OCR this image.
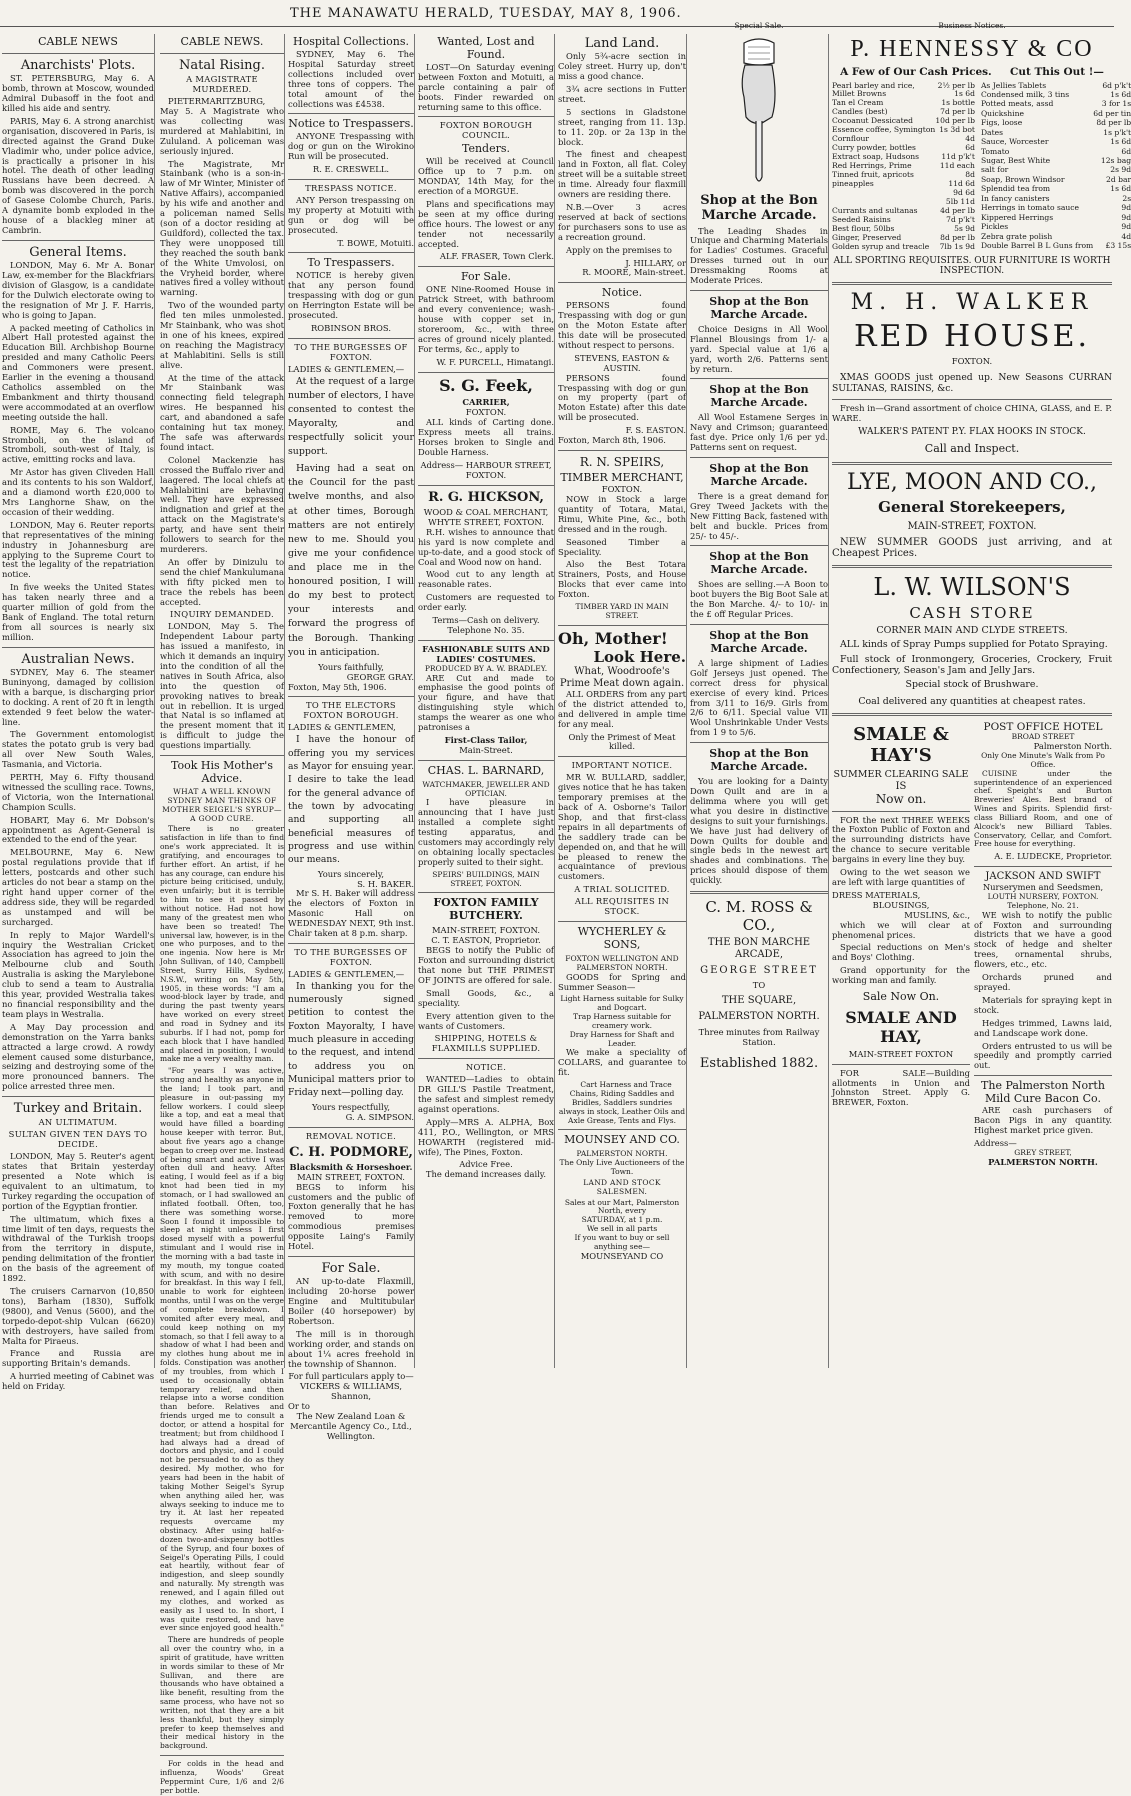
THE MANAWATU HERALD, TUESDAY, MAY 8, 1906.
CABLE NEWS
Anarchists' Plots.

ST. PETERSBURG, May 6. A bomb, thrown at Moscow, wounded Admiral Dubasoff in the foot and killed his aide and sentry.

PARIS, May 6. A strong anarchist organisation, discovered in Paris, is directed against the Grand Duke Vladimir who, under police advice, is practically a prisoner in his hotel. The death of other leading Russians have been decreed. A bomb was discovered in the porch of Gasese Colombe Church, Paris. A dynamite bomb exploded in the house of a blackleg miner at Cambrin.

General Items.

LONDON, May 6. Mr A. Bonar Law, ex-member for the Blackfriars division of Glasgow, is a candidate for the Dulwich electorate owing to the resignation of Mr J. F. Harris, who is going to Japan.

A packed meeting of Catholics in Albert Hall protested against the Education Bill. Archbishop Bourne presided and many Catholic Peers and Commoners were present. Earlier in the evening a thousand Catholics assembled on the Embankment and thirty thousand were accommodated at an overflow meeting outside the hall.

ROME, May 6. The volcano Stromboli, on the island of Stromboli, south-west of Italy, is active, emitting rocks and lava.

Mr Astor has given Cliveden Hall and its contents to his son Waldorf, and a diamond worth £20,000 to Mrs Langhorne Shaw, on the occasion of their wedding.

LONDON, May 6. Reuter reports that representatives of the mining industry in Johannesburg are applying to the Supreme Court to test the legality of the repatriation notice.

In five weeks the United States has taken nearly three and a quarter million of gold from the Bank of England. The total return from all sources is nearly six million.

Australian News.

SYDNEY, May 6. The steamer Buninyong, damaged by collision with a barque, is discharging prior to docking. A rent of 20 ft in length extended 9 feet below the water-line.

The Government entomologist states the potato grub is very bad all over New South Wales, Tasmania, and Victoria.

PERTH, May 6. Fifty thousand witnessed the sculling race. Towns, of Victoria, won the International Champion Sculls.

HOBART, May 6. Mr Dobson's appointment as Agent-General is extended to the end of the year.

MELBOURNE, May 6. New postal regulations provide that if letters, postcards and other such articles do not bear a stamp on the right hand upper corner of the address side, they will be regarded as unstamped and will be surcharged.

In reply to Major Wardell's inquiry the Westralian Cricket Association has agreed to join the Melbourne club and South Australia is asking the Marylebone club to send a team to Australia this year, provided Westralia takes no financial responsibility and the team plays in Westralia.

A May Day procession and demonstration on the Yarra banks attracted a large crowd. A rowdy element caused some disturbance, seizing and destroying some of the more pronounced banners. The police arrested three men.

Turkey and Britain.
AN ULTIMATUM.
SULTAN GIVEN TEN DAYS TO DECIDE.

LONDON, May 5. Reuter's agent states that Britain yesterday presented a Note which is equivalent to an ultimatum, to Turkey regarding the occupation of portion of the Egyptian frontier.

The ultimatum, which fixes a time limit of ten days, requests the withdrawal of the Turkish troops from the territory in dispute, pending delimitation of the frontier on the basis of the agreement of 1892.

The cruisers Carnarvon (10,850 tons), Barham (1830), Suffolk (9800), and Venus (5600), and the torpedo-depot-ship Vulcan (6620) with destroyers, have sailed from Malta for Piraeus.

France and Russia are supporting Britain's demands.

A hurried meeting of Cabinet was held on Friday.

CABLE NEWS.
Natal Rising.
A MAGISTRATE MURDERED.

PIETERMARITZBURG, May 5. A Magistrate who was collecting was murdered at Mahlabitini, in Zululand. A policeman was seriously injured.

The Magistrate, Mr Stainbank (who is a son-in-law of Mr Winter, Minister of Native Affairs), accompanied by his wife and another and a policeman named Sells (son of a doctor residing at Guildford), collected the tax. They were unopposed till they reached the south bank of the White Umvolosi, on the Vryheid border, where natives fired a volley without warning.

Two of the wounded party fled ten miles unmolested. Mr Stainbank, who was shot in one of his knees, expired on reaching the Magistracy at Mahlabitini. Sells is still alive.

At the time of the attack Mr Stainbank was connecting field telegraph wires. He bespanned his cart, and abandoned a safe containing hut tax money. The safe was afterwards found intact.

Colonel Mackenzie has crossed the Buffalo river and laagered. The local chiefs at Mahlabitini are behaving well. They have expressed indignation and grief at the attack on the Magistrate's party, and have sent their followers to search for the murderers.

An offer by Dinizulu to send the chief Mankulumana with fifty picked men to trace the rebels has been accepted.

INQUIRY DEMANDED.

LONDON, May 5. The Independent Labour party has issued a manifesto, in which it demands an inquiry into the condition of all the natives in South Africa, also into the question of provoking natives to break out in rebellion. It is urged that Natal is so inflamed at the present moment that it is difficult to judge the questions impartially.

Took His Mother's Advice.
WHAT A WELL KNOWN SYDNEY MAN THINKS OF MOTHER SEIGEL'S SYRUP—A GOOD CURE.

There is no greater satisfaction in life than to find one's work appreciated. It is gratifying, and encourages to further effort. An artist, if he has any courage, can endure his picture being criticised, unduly, even unfairly; but it is terrible to him to see it passed by without notice. Had not how many of the greatest men who have been so treated! The universal law, however, is in the one who purposes, and to the one ingenia. Now here is Mr John Sullivan, of 140, Campbell Street, Surry Hills, Sydney, N.S.W., writing on May 5th, 1905, in these words: "I am a wood-block layer by trade, and during the past twenty years have worked on every street and road in Sydney and its suburbs. If I had not, pomp for each block that I have handled and placed in position, I would make me a very wealthy man.

"For years I was active, strong and healthy as anyone in the land; I took part, and pleasure in out-passing my fellow workers. I could sleep like a top, and eat a meal that would have filled a boarding house keeper with terror. But, about five years ago a change began to creep over me. Instead of being smart and active I was often dull and heavy. After eating, I would feel as if a big knot had been tied in my stomach, or I had swallowed an inflated football. Often, too, there was something worse. Soon I found it impossible to sleep at night unless I first dosed myself with a powerful stimulant and I would rise in the morning with a bad taste in my mouth, my tongue coated with scum, and with no desire for breakfast. In this way I fell, unable to work for eighteen months, until I was on the verge of complete breakdown. I vomited after every meal, and could keep nothing on my stomach, so that I fell away to a shadow of what I had been and my clothes hung about me in folds. Constipation was another of my troubles, from which I used to occasionally obtain temporary relief, and then relapse into a worse condition than before. Relatives and friends urged me to consult a doctor, or attend a hospital for treatment; but from childhood I had always had a dread of doctors and physic, and I could not be persuaded to do as they desired. My mother, who for years had been in the habit of taking Mother Seigel's Syrup when anything ailed her, was always seeking to induce me to try it. At last her repeated requests overcame my obstinacy. After using half-a-dozen two-and-sixpenny bottles of the Syrup, and four boxes of Seigel's Operating Pills, I could eat heartily, without fear of indigestion, and sleep soundly and naturally. My strength was renewed, and I again filled out my clothes, and worked as easily as I used to. In short, I was quite restored, and have ever since enjoyed good health."

There are hundreds of people all over the country who, in a spirit of gratitude, have written in words similar to these of Mr Sullivan, and there are thousands who have obtained a like benefit, resulting from the same process, who have not so written, not that they are a bit less thankful, but they simply prefer to keep themselves and their medical history in the background.

For colds in the head and influenza, Woods' Great Peppermint Cure, 1/6 and 2/6 per bottle.

Hospital Collections.

SYDNEY, May 6. The Hospital Saturday street collections included over three tons of coppers. The total amount of the collections was £4538.

Notice to Trespassers.

ANYONE Trespassing with dog or gun on the Wirokino Run will be prosecuted.

R. E. CRESWELL.
TRESPASS NOTICE.

ANY Person trespassing on my property at Motuiti with gun or dog will be prosecuted.

T. BOWE, Motuiti.
To Trespassers.

NOTICE is hereby given that any person found trespassing with dog or gun on Herrington Estate will be prosecuted.

ROBINSON BROS.
TO THE BURGESSES OF FOXTON.
LADIES & GENTLEMEN,—

At the request of a large number of electors, I have consented to contest the Mayoralty, and respectfully solicit your support.

Having had a seat on the Council for the past twelve months, and also at other times, Borough matters are not entirely new to me. Should you give me your confidence and place me in the honoured position, I will do my best to protect your interests and forward the progress of the Borough. Thanking you in anticipation.

Yours faithfully,
GEORGE GRAY.
Foxton, May 5th, 1906.
TO THE ELECTORS FOXTON BOROUGH.
LADIES & GENTLEMEN,

I have the honour of offering you my services as Mayor for ensuing year. I desire to take the lead for the general advance of the town by advocating and supporting all beneficial measures of progress and use within our means.

Yours sincerely,
S. H. BAKER.

Mr S. H. Baker will address the electors of Foxton in Masonic Hall on WEDNESDAY NEXT, 9th inst. Chair taken at 8 p.m. sharp.

TO THE BURGESSES OF FOXTON.
LADIES & GENTLEMEN,—

In thanking you for the numerously signed petition to contest the Foxton Mayoralty, I have much pleasure in acceding to the request, and intend to address you on Municipal matters prior to Friday next—polling day.

Yours respectfully,
G. A. SIMPSON.
REMOVAL NOTICE.
C. H. PODMORE,
Blacksmith & Horseshoer.
MAIN STREET, FOXTON.

BEGS to inform his customers and the public of Foxton generally that he has removed to more commodious premises opposite Laing's Family Hotel.

For Sale.

AN up-to-date Flaxmill, including 20-horse power Engine and Multitubular Boiler (40 horsepower) by Robertson.

The mill is in thorough working order, and stands on about 1¼ acres freehold in the township of Shannon.

For full particulars apply to—
VICKERS & WILLIAMS, Shannon,
Or to
The New Zealand Loan & Mercantile Agency Co., Ltd., Wellington.
Wanted, Lost and Found.

LOST—On Saturday evening between Foxton and Motuiti, a parcle containing a pair of boots. Finder rewarded on returning same to this office.

FOXTON BOROUGH COUNCIL.
Tenders.

Will be received at Council Office up to 7 p.m. on MONDAY, 14th May, for the erection of a MORGUE.

Plans and specifications may be seen at my office during office hours. The lowest or any tender not necessarily accepted.

ALF. FRASER, Town Clerk.
For Sale.

ONE Nine-Roomed House in Patrick Street, with bathroom and every convenience; wash-house with copper set in, storeroom, &c., with three acres of ground nicely planted. For terms, &c., apply to

W. F. PURCELL, Himatangi.
S. G. Feek,
CARRIER,
FOXTON.

ALL kinds of Carting done. Express meets all trains. Horses broken to Single and Double Harness.

Address— HARBOUR STREET, FOXTON.
R. G. HICKSON,
WOOD & COAL MERCHANT,
WHYTE STREET, FOXTON.

R.H. wishes to announce that his yard is now complete and up-to-date, and a good stock of Coal and Wood now on hand.

Wood cut to any length at reasonable rates.

Customers are requested to order early.

Terms—Cash on delivery.
Telephone No. 35.
FASHIONABLE SUITS AND LADIES' COSTUMES.
PRODUCED BY A. W. BRADLEY.

ARE Cut and made to emphasise the good points of your figure, and have that distinguishing style which stamps the wearer as one who patronises a

First-Class Tailor,
Main-Street.
CHAS. L. BARNARD,
WATCHMAKER, JEWELLER AND OPTICIAN.

I have pleasure in announcing that I have just installed a complete sight testing apparatus, and customers may accordingly rely on obtaining locally spectacles properly suited to their sight.

SPEIRS' BUILDINGS, MAIN STREET, FOXTON.
FOXTON FAMILY BUTCHERY.
MAIN-STREET, FOXTON.
C. T. EASTON, Proprietor.

BEGS to notify the Public of Foxton and surrounding district that none but THE PRIMEST OF JOINTS are offered for sale.

Small Goods, &c., a speciality.

Every attention given to the wants of Customers.

SHIPPING, HOTELS & FLAXMILLS SUPPLIED.
NOTICE.

WANTED—Ladies to obtain DR GILL'S Pastile Treatment, the safest and simplest remedy against operations.

Apply—MRS A. ALPHA, Box 411, P.O., Wellington, or MRS HOWARTH (registered mid-wife), The Pines, Foxton.

Advice Free.
The demand increases daily.
Land Land.

Only 5¾-acre section in Coley street. Hurry up, don't miss a good chance.

3¾ acre sections in Futter street.

5 sections in Gladstone street, ranging from 11. 13p. to 11. 20p. or 2a 13p in the block.

The finest and cheapest land in Foxton, all flat. Coley street will be a suitable street in time. Already four flaxmill owners are residing there.

N.B.—Over 3 acres reserved at back of sections for purchasers sons to use as a recreation ground.

Apply on the premises to

J. HILLARY, or
R. MOORE, Main-street.
Notice.

PERSONS found Trespassing with dog or gun on the Moton Estate after this date will be prosecuted without respect to persons.

STEVENS, EASTON & AUSTIN.

PERSONS found Trespassing with dog or gun on my property (part of Moton Estate) after this date will be prosecuted.

F. S. EASTON.
Foxton, March 8th, 1906.
R. N. SPEIRS,
TIMBER MERCHANT,
FOXTON.

NOW in Stock a large quantity of Totara, Matai, Rimu, White Pine, &c., both dressed and in the rough.

Seasoned Timber a Speciality.

Also the Best Totara Strainers, Posts, and House Blocks that ever came into Foxton.

TIMBER YARD IN MAIN STREET.
Oh, Mother!
Look Here.
What, Woodroofe's Prime Meat down again.

ALL ORDERS from any part of the district attended to, and delivered in ample time for any meal.

Only the Primest of Meat killed.
IMPORTANT NOTICE.

MR W. BULLARD, saddler, gives notice that he has taken temporary premises at the back of A. Osborne's Tailor Shop, and that first-class repairs in all departments of the saddlery trade can be depended on, and that he will be pleased to renew the acquaintance of previous customers.

A TRIAL SOLICITED.
ALL REQUISITES IN STOCK.
WYCHERLEY & SONS,
FOXTON WELLINGTON AND PALMERSTON NORTH.

GOODS for Spring and Summer Season—

Light Harness suitable for Sulky and Dogcart.
Trap Harness suitable for creamery work.
Dray Harness for Shaft and Leader.

We make a speciality of COLLARS, and guarantee to fit.

Cart Harness and Trace Chains, Riding Saddles and Bridles, Saddlers sundries always in stock, Leather Oils and Axle Grease, Tents and Flys.

MOUNSEY AND CO.
PALMERSTON NORTH.
The Only Live Auctioneers of the Town.
LAND AND STOCK SALESMEN.
Sales at our Mart, Palmerston North, every
SATURDAY, at 1 p.m.
We sell in all parts
If you want to buy or sell anything see—
MOUNSEYAND CO
Special Sale.
Shop at the Bon Marche Arcade.

The Leading Shades in Unique and Charming Materials for Ladies' Costumes. Graceful Dresses turned out in our Dressmaking Rooms at Moderate Prices.

Shop at the Bon Marche Arcade.

Choice Designs in All Wool Flannel Blousings from 1/- a yard. Special value at 1/6 a yard, worth 2/6. Patterns sent by return.

Shop at the Bon Marche Arcade.

All Wool Estamene Serges in Navy and Crimson; guaranteed fast dye. Price only 1/6 per yd. Patterns sent on request.

Shop at the Bon Marche Arcade.

There is a great demand for Grey Tweed Jackets with the New Fitting Back, fastened with belt and buckle. Prices from 25/- to 45/-.

Shop at the Bon Marche Arcade.

Shoes are selling.—A Boon to boot buyers the Big Boot Sale at the Bon Marche. 4/- to 10/- in the £ off Regular Prices.

Shop at the Bon Marche Arcade.

A large shipment of Ladies Golf Jerseys just opened. The correct dress for physical exercise of every kind. Prices from 3/11 to 16/9. Girls from 2/6 to 6/11. Special value VII Wool Unshrinkable Under Vests from 1 9 to 5/6.

Shop at the Bon Marche Arcade.

You are looking for a Dainty Down Quilt and are in a delimma where you will get what you desire in distinctive designs to suit your furnishings. We have just had delivery of Down Quilts for double and single beds in the newest art shades and combinations. The prices should dispose of them quickly.

C. M. ROSS & CO.,
THE BON MARCHE ARCADE,
GEORGE STREET
TO
THE SQUARE,
PALMERSTON NORTH.
Three minutes from Railway Station.
Established 1882.
Business Notices.
P. HENNESSY & CO
A Few of Our Cash Prices. Cut This Out !—
Pearl barley and rice,	2½ per lb
Millet Browns	1s 6d
Tan el Cream	1s bottle
Candles (best)	7d per lb
Cocoanut Dessicated	10d per lb
Essence coffee, Symington	1s 3d bot
Cornflour	4d
Curry powder, bottles	6d
Extract soap, Hudsons	11d p'k't
Red Herrings, Prime	11d each
Tinned fruit, apricots	8d
pineapples	11d 6d
	9d 6d
	5lb 11d
Currants and sultanas	4d per lb
Seeded Raisins	7d p'k't
Best flour, 50lbs	5s 9d
Ginger, Preserved	8d per lb
Golden syrup and treacle	7lb 1s 9d
As Jellies Tablets	6d p'k't
Condensed milk, 3 tins	1s 6d
Potted meats, assd	3 for 1s
Quickshine	6d per tin
Figs, loose	8d per lb
Dates	1s p'k't
Sauce, Worcester	1s 6d
Tomato	6d
Sugar, Best White	12s bag
salt for	2s 9d
Soap, Brown Windsor	2d bar
Splendid tea from	1s 6d
In fancy canisters	2s
Herrings in tomato sauce	9d
Kippered Herrings	9d
Pickles	9d
Zebra grate polish	4d
Double Barrel B L Guns from	£3 15s
ALL SPORTING REQUISITES. OUR FURNITURE IS WORTH INSPECTION.
M. H. WALKER
RED HOUSE.
FOXTON.

XMAS GOODS just opened up. New Seasons CURRAN SULTANAS, RAISINS, &c.

Fresh in—Grand assortment of choice CHINA, GLASS, and E. P. WARE.

WALKER'S PATENT P.Y. FLAX HOOKS IN STOCK.
Call and Inspect.
LYE, MOON AND CO.,
General Storekeepers,
MAIN-STREET, FOXTON.

NEW SUMMER GOODS just arriving, and at Cheapest Prices.

L. W. WILSON'S
CASH STORE
CORNER MAIN AND CLYDE STREETS.

ALL kinds of Spray Pumps supplied for Potato Spraying.

Full stock of Ironmongery, Groceries, Crockery, Fruit Confectionery, Season's Jam and Jelly Jars.

Special stock of Brushware.
Coal delivered any quantities at cheapest rates.
SMALE & HAY'S
SUMMER CLEARING SALE
IS
Now on.

FOR the next THREE WEEKS the Foxton Public of Foxton and the surrounding districts have the chance to secure veritable bargains in every line they buy.

Owing to the wet season we are left with large quantities of

DRESS MATERIALS,
BLOUSINGS,
MUSLINS, &c.,

which we will clear at phenomenal prices.

Special reductions on Men's and Boys' Clothing.

Grand opportunity for the working man and family.

Sale Now On.
SMALE AND HAY,
MAIN-STREET FOXTON

FOR SALE—Building allotments in Union and Johnston Street. Apply G. BREWER, Foxton.

POST OFFICE HOTEL
BROAD STREET
Palmerston North.
Only One Minute's Walk from Po Office.

CUISINE under the superintendence of an experienced chef. Speight's and Burton Breweries' Ales. Best brand of Wines and Spirits. Splendid first-class Billiard Room, and one of Alcock's new Billiard Tables. Conservatory, Cellar, and Comfort. Free house for everything.

A. E. LUDECKE, Proprietor.
JACKSON AND SWIFT
Nurserymen and Seedsmen,
LOUTH NURSERY, FOXTON.
Telephone, No. 21.

WE wish to notify the public of Foxton and surrounding districts that we have a good stock of hedge and shelter trees, ornamental shrubs, flowers, etc., etc.

Orchards pruned and sprayed.

Materials for spraying kept in stock.

Hedges trimmed, Lawns laid, and Landscape work done.

Orders entrusted to us will be speedily and promptly carried out.

The Palmerston North Mild Cure Bacon Co.

ARE cash purchasers of Bacon Pigs in any quantity. Highest market price given.

Address—
GREY STREET,
PALMERSTON NORTH.
